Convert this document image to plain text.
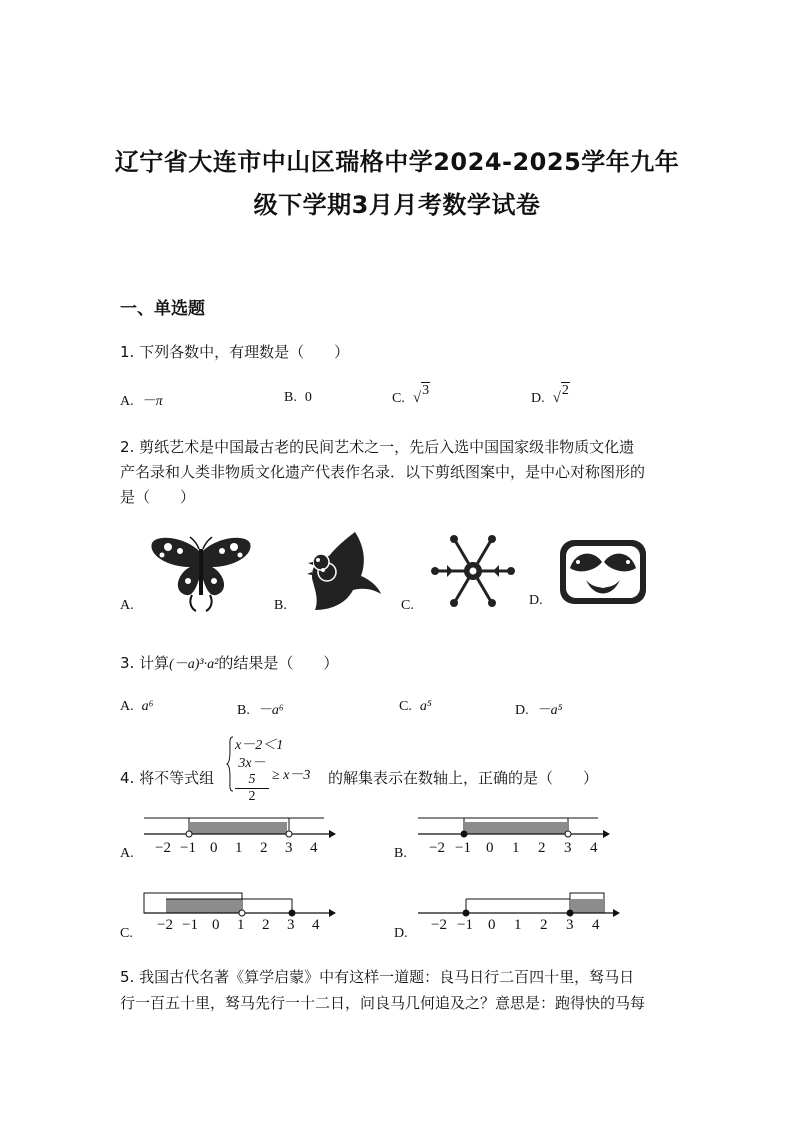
辽宁省大连市中山区瑞格中学2024-2025学年九年
级下学期3月月考数学试卷
一、单选题
1. 下列各数中，有理数是（　　）
A. －π	B. 0	C. √3
D. √2
2. 剪纸艺术是中国最古老的民间艺术之一，先后入选中国国家级非物质文化遗
产名录和人类非物质文化遗产代表作名录．以下剪纸图案中，是中心对称图形的
是（　　）
A.	B.	C.	D.
3. 计算(－a)³·a²的结果是（　　）
A. a⁶	B. －a⁶	C. a⁵	D. －a⁵
4. 将不等式组
x－2＜1
$\frac{3x-5}{2} \ge x-3$ 的解集表示在数轴上，正确的是（　　）
A.	B.
C.	D.
−2 −1 0 1 2 3 4	−2 −1 0 1 2 3 4
−2 −1 0 1 2 3 4	−2 −1 0 1 2 3 4
5. 我国古代名著《算学启蒙》中有这样一道题：良马日行二百四十里，驽马日
行一百五十里，驽马先行一十二日，问良马几何追及之？意思是：跑得快的马每
